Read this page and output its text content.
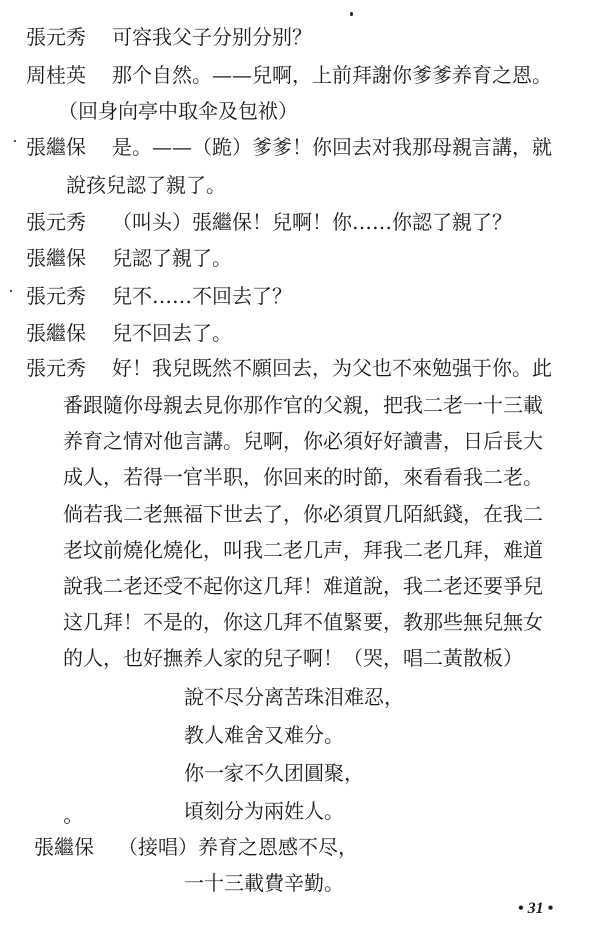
張元秀 可容我父子分别分别？
周桂英 那个自然。——兒啊，上前拜謝你爹爹养育之恩。
（回身向亭中取伞及包袱）
張繼保 是。——（跪）爹爹！你回去对我那母親言講，就
說孩兒認了親了。
張元秀 （叫头）張繼保！兒啊！你……你認了親了？
張繼保 兒認了親了。
張元秀 兒不……不回去了？
張繼保 兒不回去了。
張元秀 好！我兒既然不願回去，为父也不來勉强于你。此
番跟隨你母親去見你那作官的父親，把我二老一十三載
养育之情对他言講。兒啊，你必須好好讀書，日后長大
成人，若得一官半职，你回来的时節，來看看我二老。
倘若我二老無福下世去了，你必須買几陌紙錢，在我二
老坟前燒化燒化，叫我二老几声，拜我二老几拜，难道
說我二老还受不起你这几拜！难道說，我二老还要爭兒
这几拜！不是的，你这几拜不值緊要，教那些無兒無女
的人，也好撫养人家的兒子啊！（哭，唱二黃散板）
說不尽分离苦珠泪难忍，
教人难舍又难分。
你一家不久团圓聚，
頃刻分为兩姓人。
張繼保 （接唱）养育之恩感不尽，
一十三載費辛勤。
• 31 •
